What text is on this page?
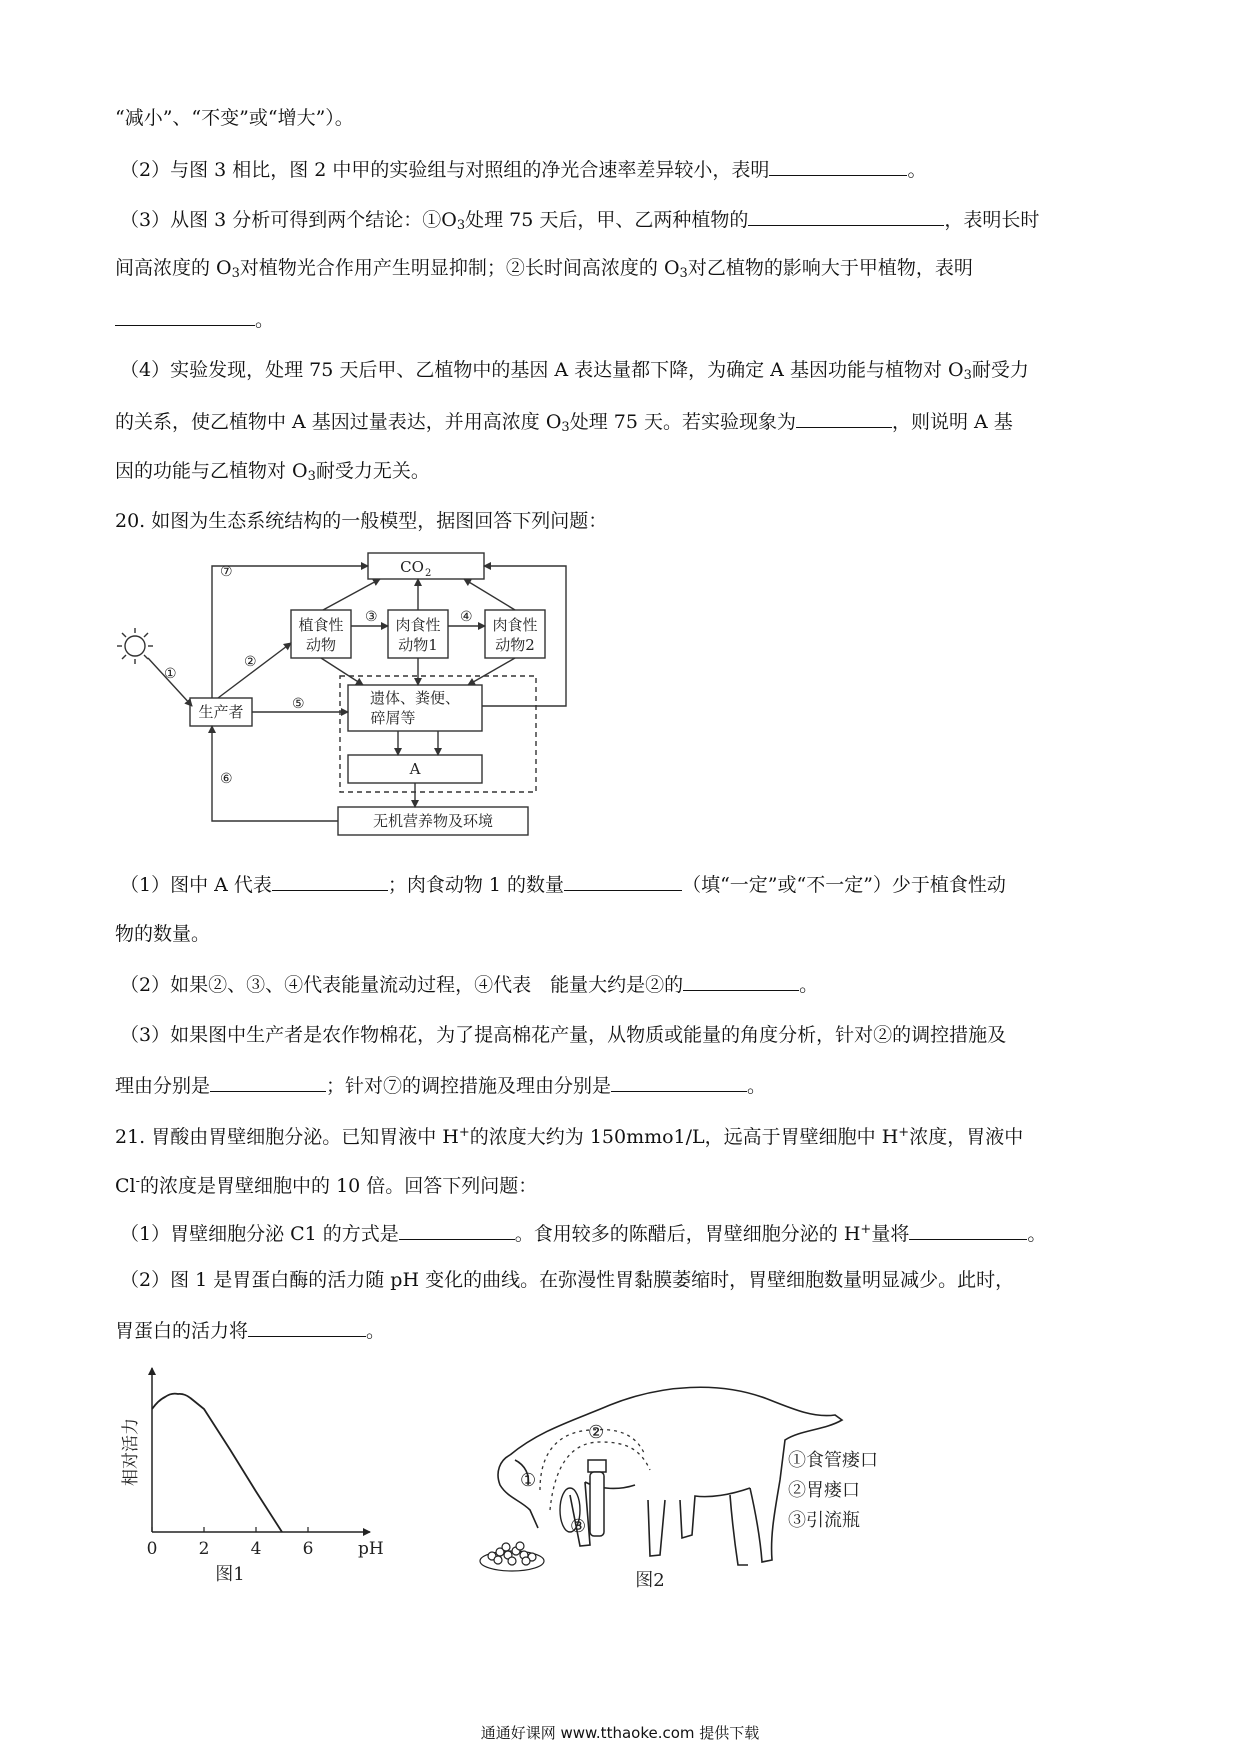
“减小”、“不变”或“增大”）。
（2）与图 3 相比，图 2 中甲的实验组与对照组的净光合速率差异较小，表明	。
（3）从图 3 分析可得到两个结论：$①O_3$处理 75 天后，甲、乙两种植物的	，表明长时
间高浓度的 $O_3$对植物光合作用产生明显抑制；②长时间高浓度的 $O_3$对乙植物的影响大于甲植物，表明
。
（4）实验发现，处理 75 天后甲、乙植物中的基因 A 表达量都下降，为确定 A 基因功能与植物对 $O_3$耐受力
的关系，使乙植物中 A 基因过量表达，并用高浓度 $O_3$处理 75 天。若实验现象为	，则说明 A 基
因的功能与乙植物对 $O_3$耐受力无关。
20. 如图为生态系统结构的一般模型，据图回答下列问题：
CO 2
植食性
动物
肉食性
动物1
肉食性
动物2
生产者
遗体、粪便、
碎屑等
A
无机营养物及环境
①
②
③	④
⑤
⑥
⑦
（1）图中 A 代表	；肉食动物 1 的数量	（填“一定”或“不一定”）少于植食性动
物的数量。
（2）如果②、③、④代表能量流动过程，④代表　能量大约是②的	。
（3）如果图中生产者是农作物棉花，为了提高棉花产量，从物质或能量的角度分析，针对②的调控措施及
理由分别是	；针对⑦的调控措施及理由分别是	。
21. 胃酸由胃壁细胞分泌。已知胃液中 H+的浓度大约为 150mmo1/L，远高于胃壁细胞中 H+浓度，胃液中
Cl-的浓度是胃壁细胞中的 10 倍。回答下列问题：
（1）胃壁细胞分泌 C1 的方式是	。食用较多的陈醋后，胃壁细胞分泌的 H+量将	。
（2）图 1 是胃蛋白酶的活力随 pH 变化的曲线。在弥漫性胃黏膜萎缩时，胃壁细胞数量明显减少。此时，
胃蛋白的活力将	。
相对活力
pH
0 2 4 6
图1
①
②
③
①食管瘘口
②胃瘘口
③引流瓶
图2
通通好课网 www.tthaoke.com 提供下载
